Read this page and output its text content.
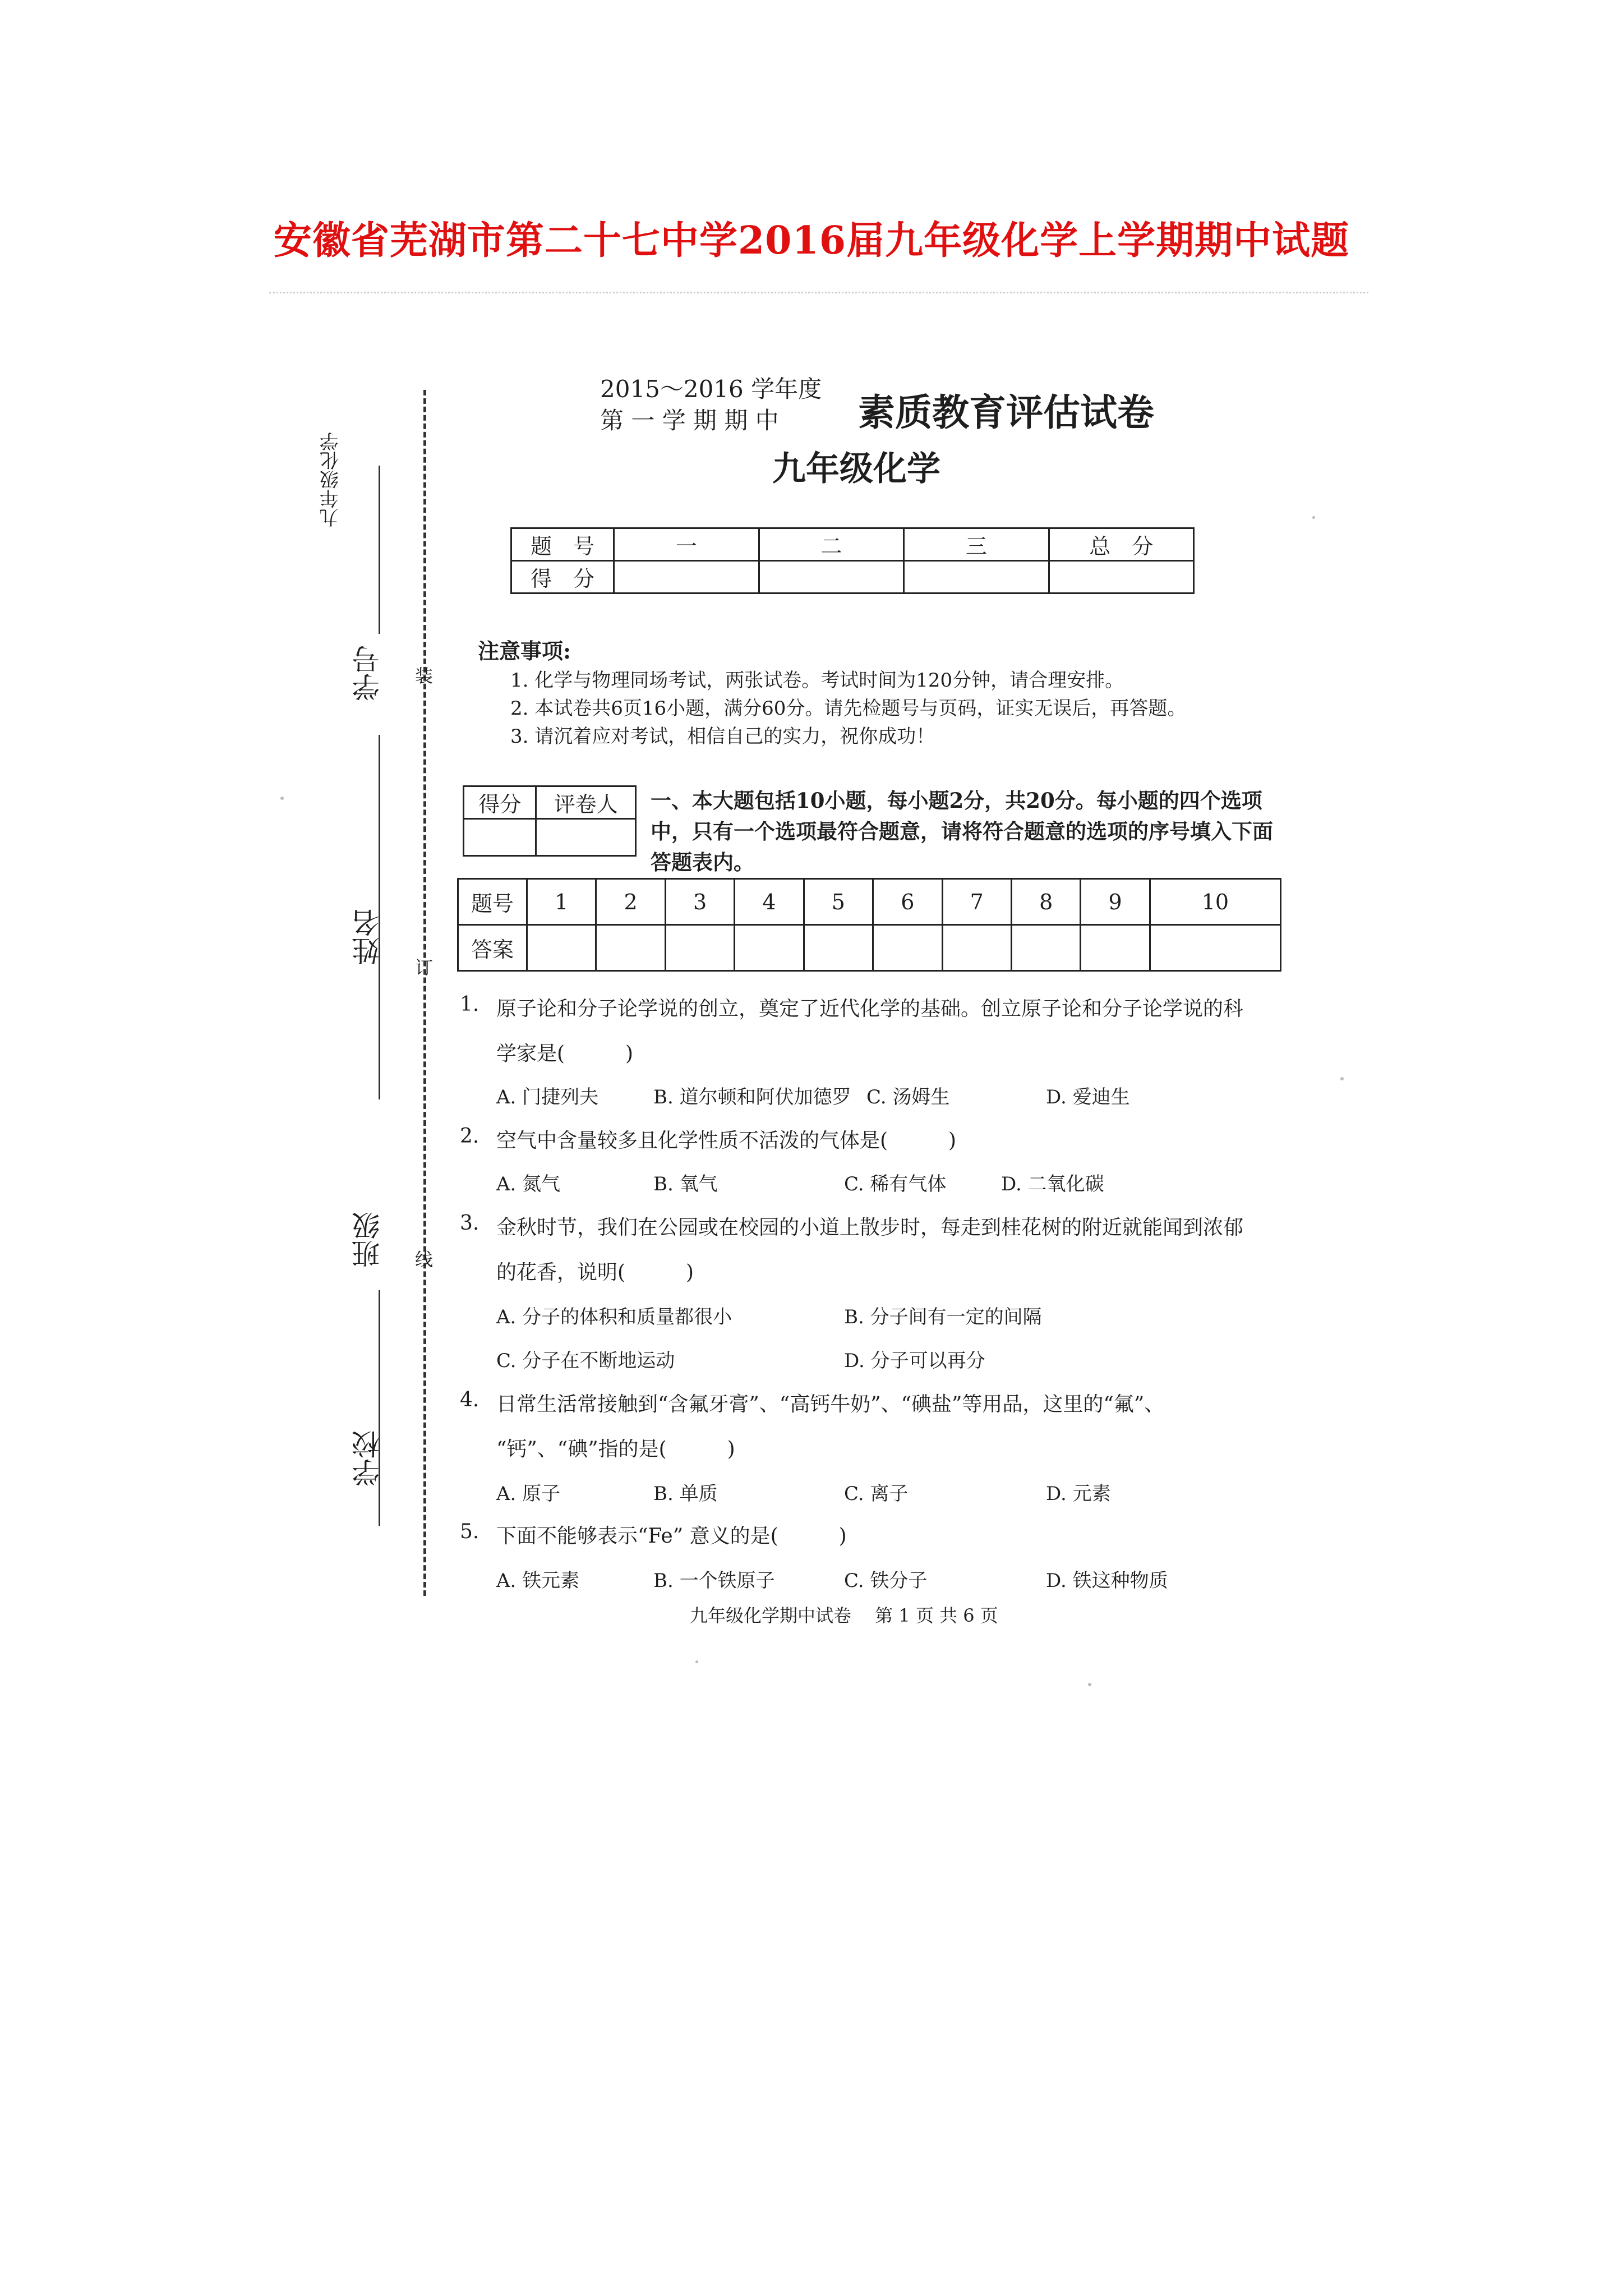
安徽省芜湖市第二十七中学2016届九年级化学上学期期中试题
九年级化学
学号
姓名
班级
学校
装
订
线
2015～2016 学年度
第 一 学 期 期 中	素质教育评估试卷
九年级化学
题　号	一	二	三	总　分
得　分				
注意事项:
1. 化学与物理同场考试，两张试卷。考试时间为120分钟，请合理安排。
2. 本试卷共6页16小题，满分60分。请先检题号与页码，证实无误后，再答题。
3. 请沉着应对考试，相信自己的实力，祝你成功！
得分	评卷人
	一、本大题包括10小题，每小题2分，共20分。每小题的四个选项中，只有一个选项最符合题意，请将符合题意的选项的序号填入下面答题表内。
题号	1	2	3	4	5	6	7	8	9	10
答案										
1. 原子论和分子论学说的创立，奠定了近代化学的基础。创立原子论和分子论学说的科
学家是(　　　)
A. 门捷列夫	B. 道尔顿和阿伏加德罗 C. 汤姆生	D. 爱迪生
2. 空气中含量较多且化学性质不活泼的气体是(　　　)
A. 氮气	B. 氧气	C. 稀有气体	D. 二氧化碳
3. 金秋时节，我们在公园或在校园的小道上散步时，每走到桂花树的附近就能闻到浓郁
的花香，说明(　　　)
A. 分子的体积和质量都很小	B. 分子间有一定的间隔
C. 分子在不断地运动	D. 分子可以再分
4. 日常生活常接触到“含氟牙膏”、“高钙牛奶”、“碘盐”等用品，这里的“氟”、
“钙”、“碘”指的是(　　　)
A. 原子	B. 单质	C. 离子	D. 元素
5. 下面不能够表示“Fe” 意义的是(　　　)
A. 铁元素	B. 一个铁原子	C. 铁分子	D. 铁这种物质
九年级化学期中试卷　 第 1 页 共 6 页
